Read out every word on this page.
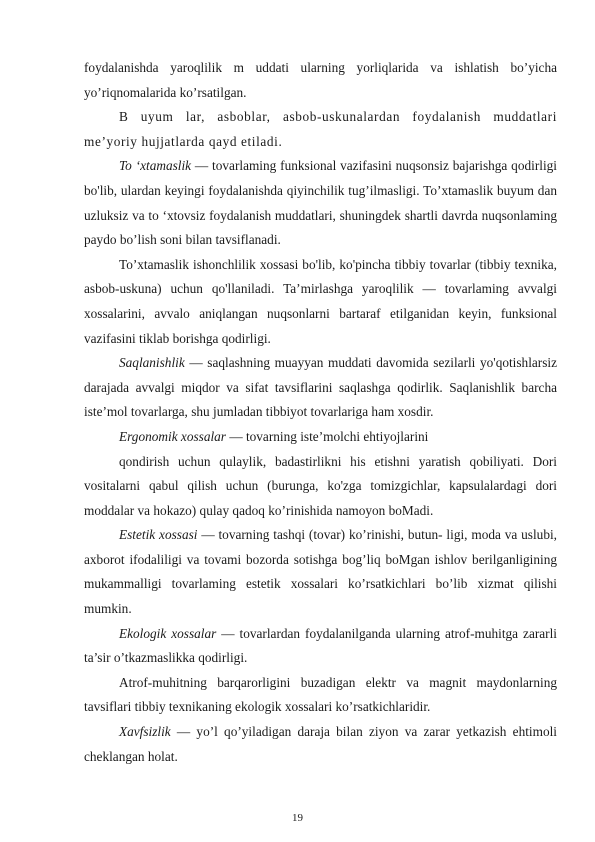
foydalanishda yaroqlilik m uddati ularning yorliqlarida va ishlatish bo’yicha yo’riqnomalarida ko’rsatilgan.

B uyum lar, asboblar, asbob-uskunalardan foydalanish muddatlari me’yoriy hujjatlarda qayd etiladi.

To ‘xtamaslik — tovarlaming funksional vazifasini nuqsonsiz bajarishga qodirligi bo'lib, ulardan keyingi foydalanishda qiyinchilik tug’ilmasligi. To’xtamaslik buyum dan uzluksiz va to ‘xtovsiz foydalanish muddatlari, shuningdek shartli davrda nuqsonlaming paydo bo’lish soni bilan tavsiflanadi.

To’xtamaslik ishonchlilik xossasi bo'lib, ko'pincha tibbiy tovarlar (tibbiy texnika, asbob-uskuna) uchun qo'llaniladi. Ta’mirlashga yaroqlilik — tovarlaming avvalgi xossalarini, avvalo aniqlangan nuqsonlarni bartaraf etilganidan keyin, funksional vazifasini tiklab borishga qodirligi.

Saqlanishlik — saqlashning muayyan muddati davomida sezilarli yo'qotishlarsiz darajada avvalgi miqdor va sifat tavsiflarini saqlashga qodirlik. Saqlanishlik barcha iste’mol tovarlarga, shu jumladan tibbiyot tovarlariga ham xosdir.

Ergonomik xossalar — tovarning iste’molchi ehtiyojlarini

qondirish uchun qulaylik, badastirlikni his etishni yaratish qobiliyati. Dori vositalarni qabul qilish uchun (burunga, ko'zga tomizgichlar, kapsulalardagi dori moddalar va hokazo) qulay qadoq ko’rinishida namoyon boMadi.

Estetik xossasi — tovarning tashqi (tovar) ko’rinishi, butun- ligi, moda va uslubi, axborot ifodaliligi va tovami bozorda sotishga bog’liq boMgan ishlov berilganligining mukammalligi tovarlaming estetik xossalari ko’rsatkichlari bo’lib xizmat qilishi mumkin.

Ekologik xossalar — tovarlardan foydalanilganda ularning atrof-muhitga zararli ta’sir o’tkazmaslikka qodirligi.

Atrof-muhitning barqarorligini buzadigan elektr va magnit maydonlarning tavsiflari tibbiy texnikaning ekologik xossalari ko’rsatkichlaridir.

Xavfsizlik — yo’l qo’yiladigan daraja bilan ziyon va zarar yetkazish ehtimoli cheklangan holat.

19
